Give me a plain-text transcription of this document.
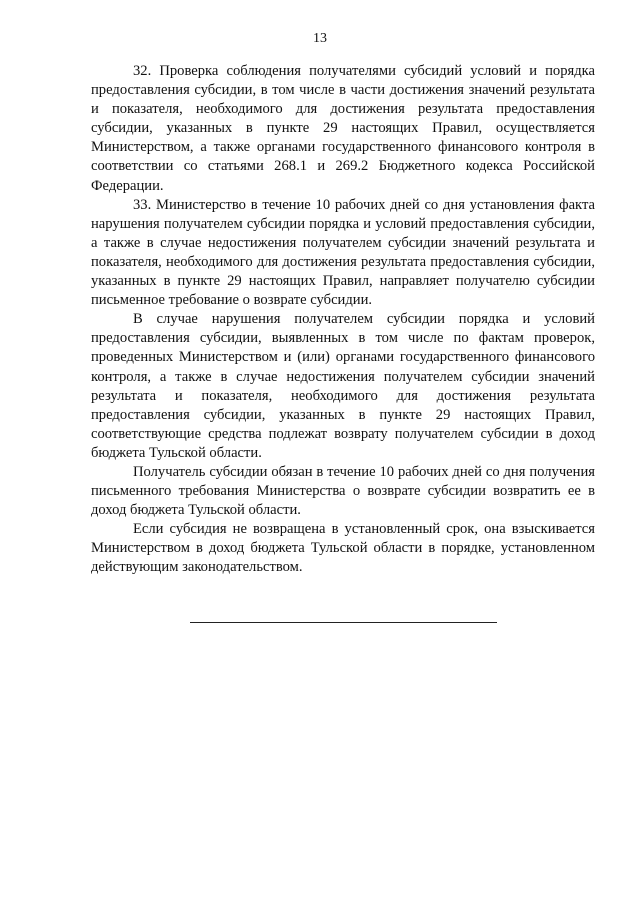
13

32. Проверка соблюдения получателями субсидий условий и порядка предоставления субсидии, в том числе в части достижения значений результата и показателя, необходимого для достижения результата предоставления субсидии, указанных в пункте 29 настоящих Правил, осуществляется Министерством, а также органами государственного финансового контроля в соответствии со статьями 268.1 и 269.2 Бюджетного кодекса Российской Федерации.

33. Министерство в течение 10 рабочих дней со дня установления факта нарушения получателем субсидии порядка и условий предоставления субсидии, а также в случае недостижения получателем субсидии значений результата и показателя, необходимого для достижения результата предоставления субсидии, указанных в пункте 29 настоящих Правил, направляет получателю субсидии письменное требование о возврате субсидии.

В случае нарушения получателем субсидии порядка и условий предоставления субсидии, выявленных в том числе по фактам проверок, проведенных Министерством и (или) органами государственного финансового контроля, а также в случае недостижения получателем субсидии значений результата и показателя, необходимого для достижения результата предоставления субсидии, указанных в пункте 29 настоящих Правил, соответствующие средства подлежат возврату получателем субсидии в доход бюджета Тульской области.

Получатель субсидии обязан в течение 10 рабочих дней со дня получения письменного требования Министерства о возврате субсидии возвратить ее в доход бюджета Тульской области.

Если субсидия не возвращена в установленный срок, она взыскивается Министерством в доход бюджета Тульской области в порядке, установленном действующим законодательством.
